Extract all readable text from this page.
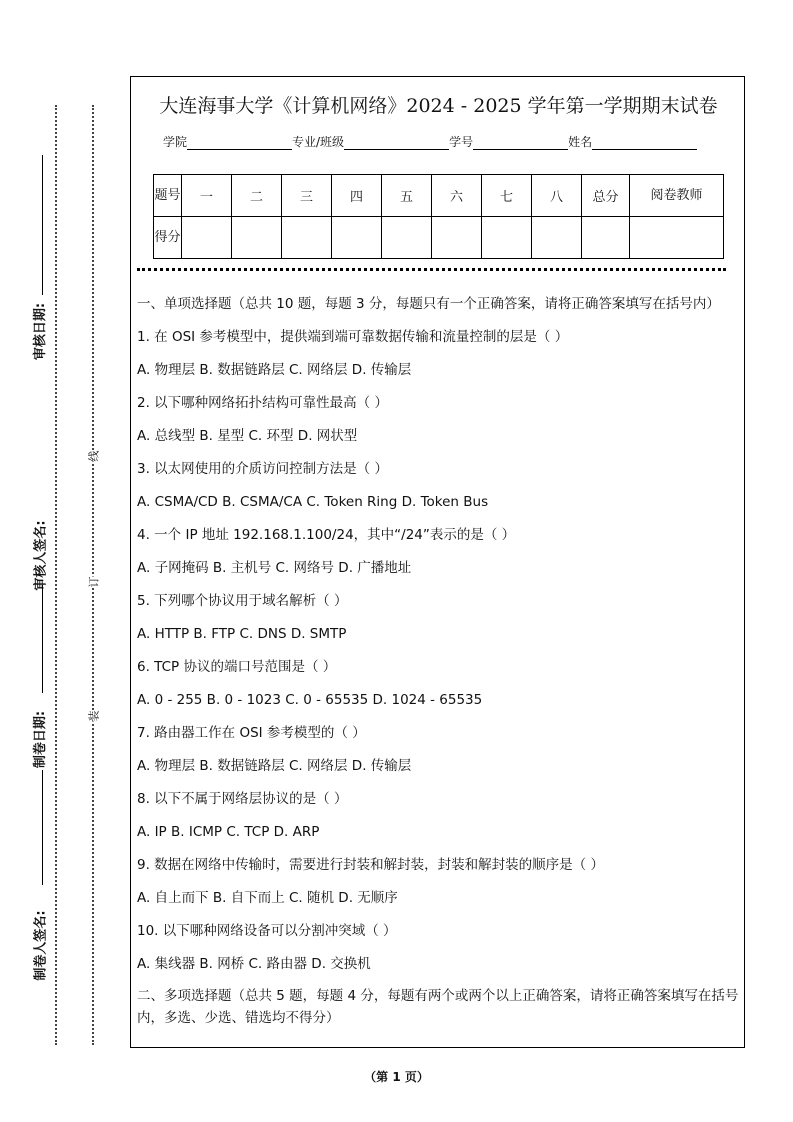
审核日期:
审核人签名:
制卷日期:
制卷人签名:
线
订
装
大连海事大学《计算机网络》2024 - 2025 学年第一学期期末试卷
学院	专业/班级	学号	姓名
题号	一	二	三	四	五	六	七	八	总分	阅卷教师
得分										

一、单项选择题（总共 10 题，每题 3 分，每题只有一个正确答案，请将正确答案填写在括号内）

1. 在 OSI 参考模型中，提供端到端可靠数据传输和流量控制的层是（ ）

A. 物理层 B. 数据链路层 C. 网络层 D. 传输层

2. 以下哪种网络拓扑结构可靠性最高（ ）

A. 总线型 B. 星型 C. 环型 D. 网状型

3. 以太网使用的介质访问控制方法是（ ）

A. CSMA/CD B. CSMA/CA C. Token Ring D. Token Bus

4. 一个 IP 地址 192.168.1.100/24，其中“/24”表示的是（ ）

A. 子网掩码 B. 主机号 C. 网络号 D. 广播地址

5. 下列哪个协议用于域名解析（ ）

A. HTTP B. FTP C. DNS D. SMTP

6. TCP 协议的端口号范围是（ ）

A. 0 - 255 B. 0 - 1023 C. 0 - 65535 D. 1024 - 65535

7. 路由器工作在 OSI 参考模型的（ ）

A. 物理层 B. 数据链路层 C. 网络层 D. 传输层

8. 以下不属于网络层协议的是（ ）

A. IP B. ICMP C. TCP D. ARP

9. 数据在网络中传输时，需要进行封装和解封装，封装和解封装的顺序是（ ）

A. 自上而下 B. 自下而上 C. 随机 D. 无顺序

10. 以下哪种网络设备可以分割冲突域（ ）

A. 集线器 B. 网桥 C. 路由器 D. 交换机

二、多项选择题（总共 5 题，每题 4 分，每题有两个或两个以上正确答案，请将正确答案填写在括号内，多选、少选、错选均不得分）

（第 1 页）
